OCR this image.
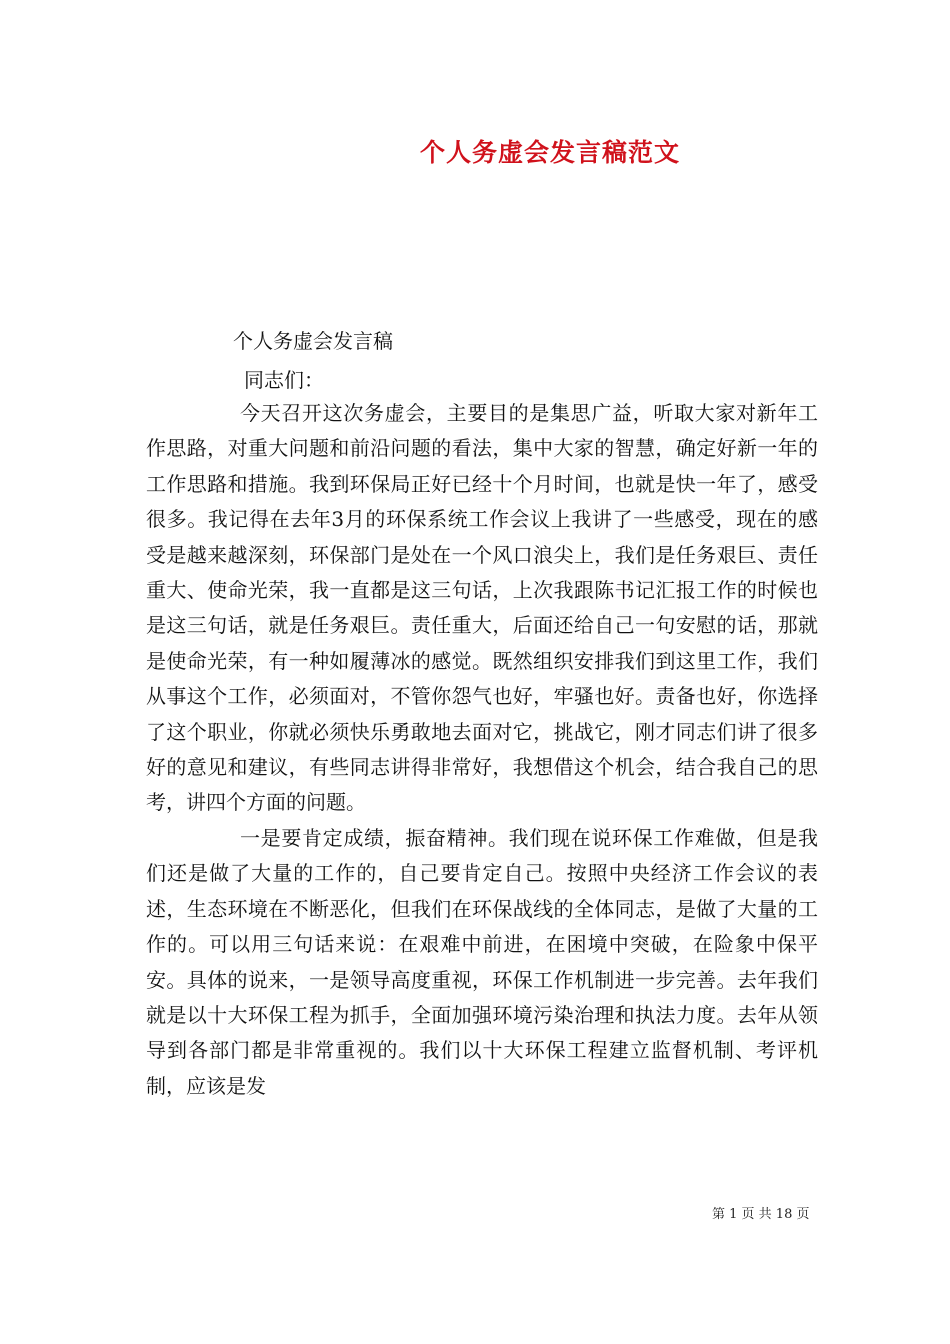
个人务虚会发言稿范文
个人务虚会发言稿
同志们：

今天召开这次务虚会，主要目的是集思广益，听取大家对新年工作思路，对重大问题和前沿问题的看法，集中大家的智慧，确定好新一年的工作思路和措施。我到环保局正好已经十个月时间，也就是快一年了，感受很多。我记得在去年3月的环保系统工作会议上我讲了一些感受，现在的感受是越来越深刻，环保部门是处在一个风口浪尖上，我们是任务艰巨、责任重大、使命光荣，我一直都是这三句话，上次我跟陈书记汇报工作的时候也是这三句话，就是任务艰巨。责任重大，后面还给自己一句安慰的话，那就是使命光荣，有一种如履薄冰的感觉。既然组织安排我们到这里工作，我们从事这个工作，必须面对，不管你怨气也好，牢骚也好。责备也好，你选择了这个职业，你就必须快乐勇敢地去面对它，挑战它，刚才同志们讲了很多好的意见和建议，有些同志讲得非常好，我想借这个机会，结合我自己的思考，讲四个方面的问题。

一是要肯定成绩，振奋精神。我们现在说环保工作难做，但是我们还是做了大量的工作的，自己要肯定自己。按照中央经济工作会议的表述，生态环境在不断恶化，但我们在环保战线的全体同志，是做了大量的工作的。可以用三句话来说：在艰难中前进，在困境中突破，在险象中保平安。具体的说来，一是领导高度重视，环保工作机制进一步完善。去年我们就是以十大环保工程为抓手，全面加强环境污染治理和执法力度。去年从领导到各部门都是非常重视的。我们以十大环保工程建立监督机制、考评机制，应该是发

第 1 页 共 18 页
